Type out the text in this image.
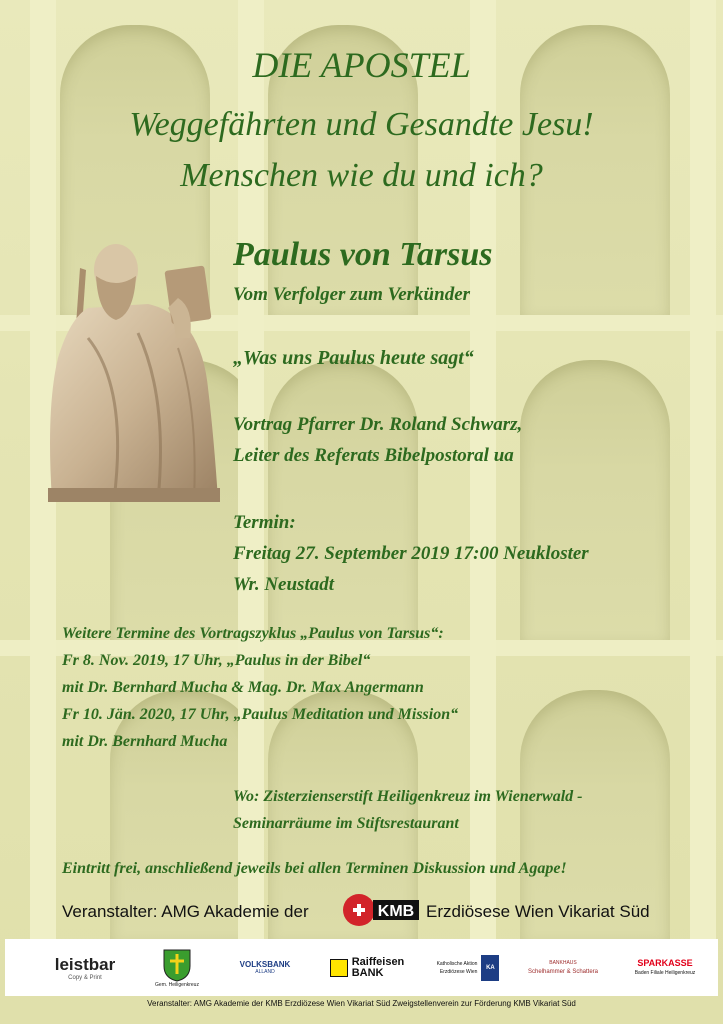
DIE APOSTEL

Weggefährten und Gesandte Jesu!

Menschen wie du und ich?

Paulus von Tarsus

Vom Verfolger zum Verkünder

„Was uns Paulus heute sagt“

Vortrag Pfarrer Dr. Roland Schwarz,

Leiter des Referats Bibelpostoral ua

Termin:

Freitag 27. September 2019 17:00 Neukloster

Wr. Neustadt

Weitere Termine des Vortragszyklus „Paulus von Tarsus“:

Fr 8. Nov. 2019, 17 Uhr, „Paulus in der Bibel“

mit Dr. Bernhard Mucha & Mag. Dr. Max Angermann

Fr 10. Jän. 2020, 17 Uhr, „Paulus Meditation und Mission“

mit Dr. Bernhard Mucha

Wo: Zisterzienserstift Heiligenkreuz im Wienerwald -

Seminarräume im Stiftsrestaurant

Eintritt frei, anschließend jeweils bei allen Terminen Diskussion und Agape!

Veranstalter: AMG Akademie der	KMB Erzdiösese Wien Vikariat Süd
leistbar
Copy & Print
Gem. Heiligenkreuz
VOLKSBANK
ALLAND
Raiffeisen
BANK
Katholische Aktion
Erzdiözese Wien
KA
BANKHAUS
Schelhammer & Schattera
SPARKASSE
Baden Filiale Heiligenkreuz
Veranstalter: AMG Akademie der KMB Erzdiözese Wien Vikariat Süd Zweigstellenverein zur Förderung KMB Vikariat Süd
